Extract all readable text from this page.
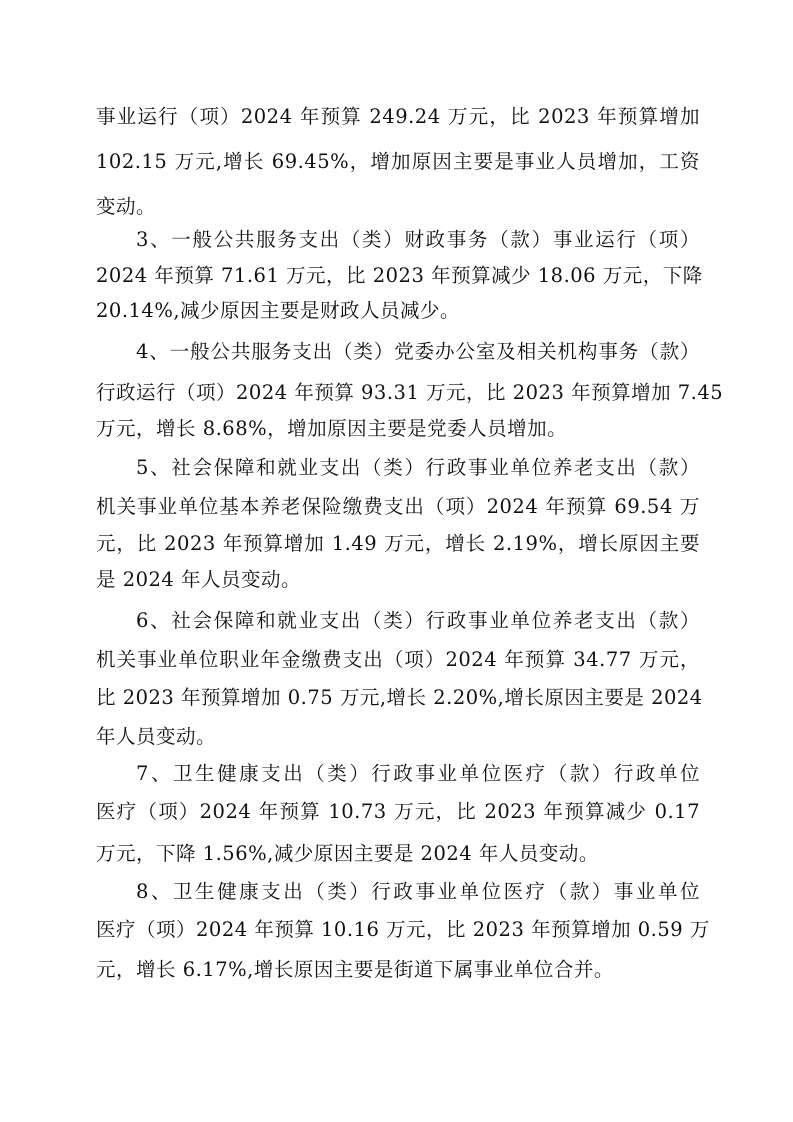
事业运行（项）2024 年预算 249.24 万元，比 2023 年预算增加
102.15 万元,增长 69.45%，增加原因主要是事业人员增加，工资
变动。
3、一般公共服务支出（类）财政事务（款）事业运行（项）
2024 年预算 71.61 万元，比 2023 年预算减少 18.06 万元，下降
20.14%,减少原因主要是财政人员减少。
4、一般公共服务支出（类）党委办公室及相关机构事务（款）
行政运行（项）2024 年预算 93.31 万元，比 2023 年预算增加 7.45
万元，增长 8.68%，增加原因主要是党委人员增加。
5、社会保障和就业支出（类）行政事业单位养老支出（款）
机关事业单位基本养老保险缴费支出（项）2024 年预算 69.54 万
元，比 2023 年预算增加 1.49 万元，增长 2.19%，增长原因主要
是 2024 年人员变动。
6、社会保障和就业支出（类）行政事业单位养老支出（款）
机关事业单位职业年金缴费支出（项）2024 年预算 34.77 万元，
比 2023 年预算增加 0.75 万元,增长 2.20%,增长原因主要是 2024
年人员变动。
7、卫生健康支出（类）行政事业单位医疗（款）行政单位
医疗（项）2024 年预算 10.73 万元，比 2023 年预算减少 0.17
万元，下降 1.56%,减少原因主要是 2024 年人员变动。
8、卫生健康支出（类）行政事业单位医疗（款）事业单位
医疗（项）2024 年预算 10.16 万元，比 2023 年预算增加 0.59 万
元，增长 6.17%,增长原因主要是街道下属事业单位合并。
